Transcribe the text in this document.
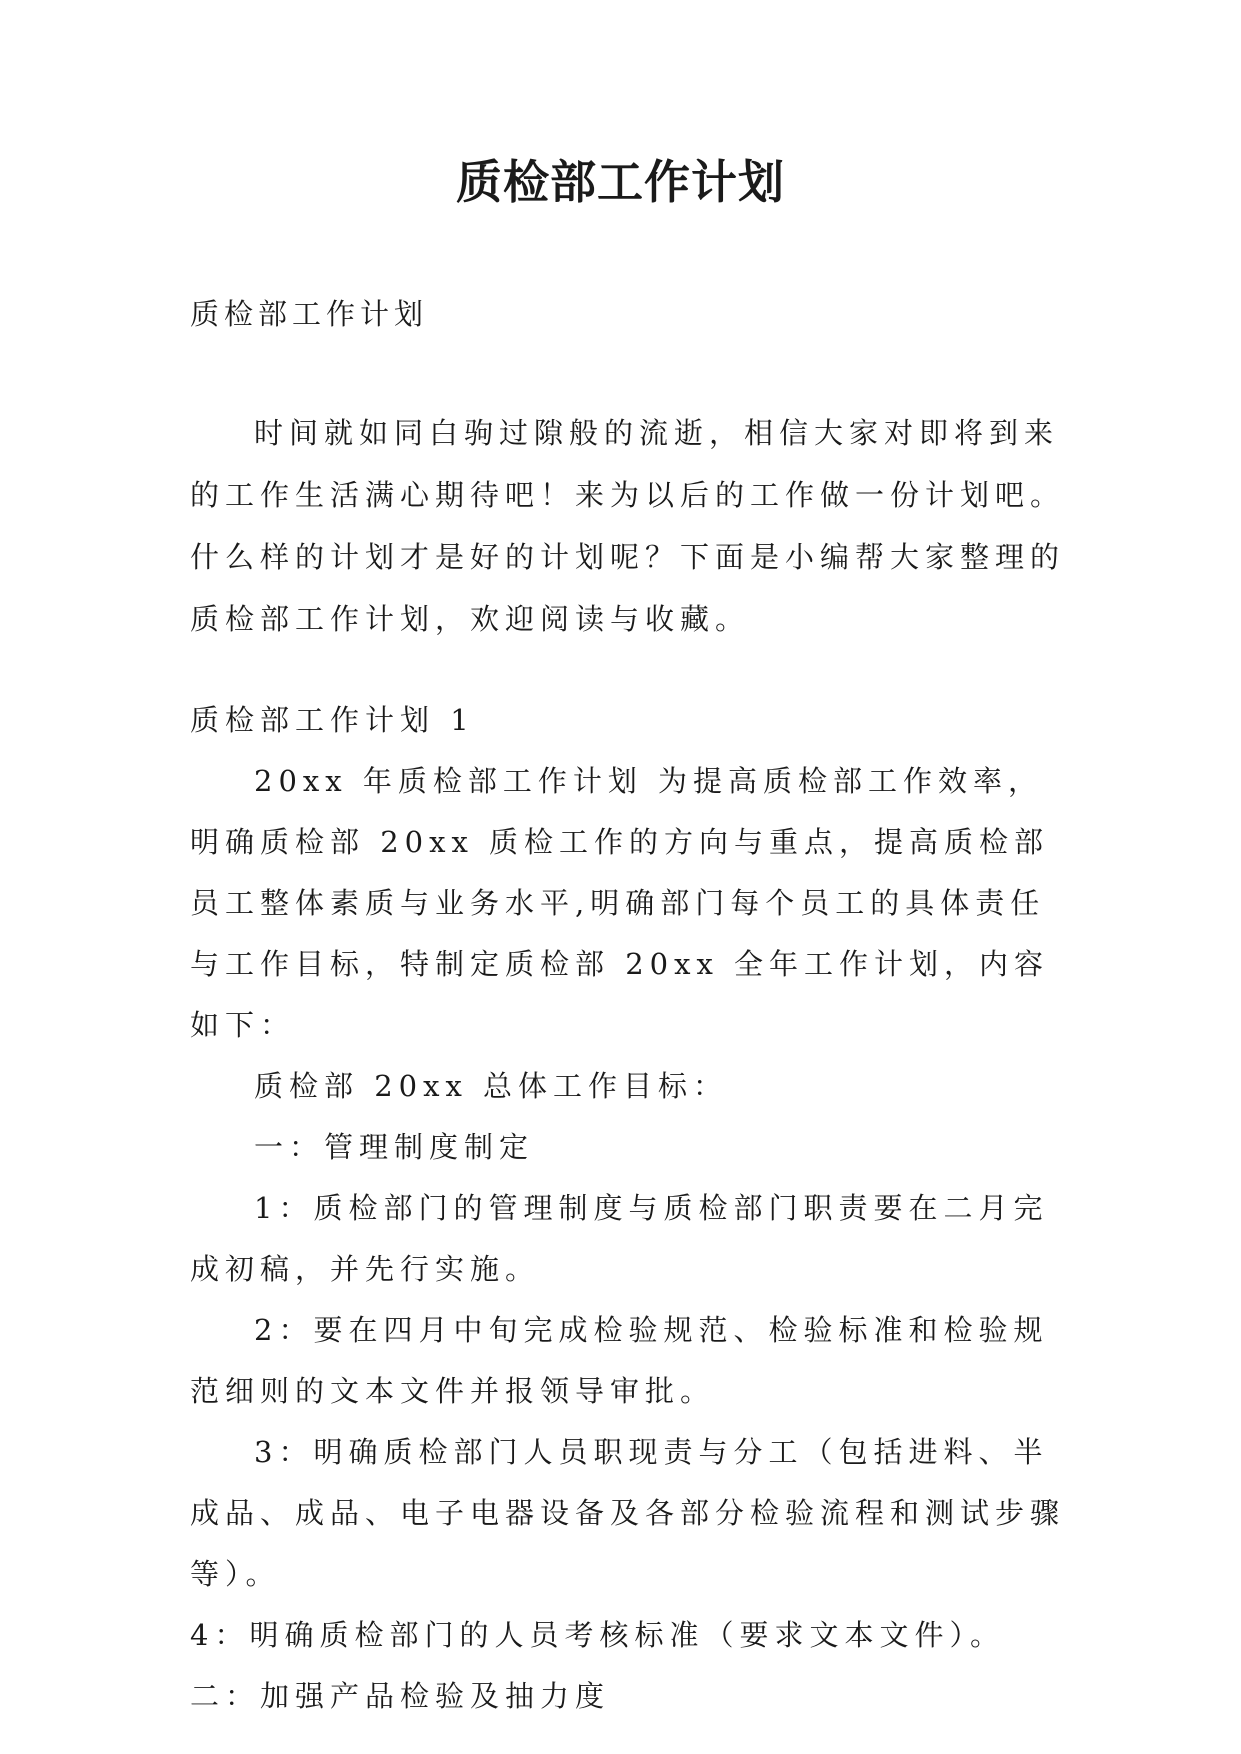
质检部工作计划
质检部工作计划

时间就如同白驹过隙般的流逝，相信大家对即将到来的工作生活满心期待吧！来为以后的工作做一份计划吧。什么样的计划才是好的计划呢？下面是小编帮大家整理的质检部工作计划，欢迎阅读与收藏。

质检部工作计划 1

20xx 年质检部工作计划 为提高质检部工作效率，明确质检部 20xx 质检工作的方向与重点，提高质检部员工整体素质与业务水平,明确部门每个员工的具体责任与工作目标，特制定质检部 20xx 全年工作计划，内容如下：

质检部 20xx 总体工作目标：

一：管理制度制定

1：质检部门的管理制度与质检部门职责要在二月完成初稿，并先行实施。

2：要在四月中旬完成检验规范、检验标准和检验规范细则的文本文件并报领导审批。

3：明确质检部门人员职现责与分工（包括进料、半成品、成品、电子电器设备及各部分检验流程和测试步骤等）。

4：明确质检部门的人员考核标准（要求文本文件）。 二：加强产品检验及抽力度
